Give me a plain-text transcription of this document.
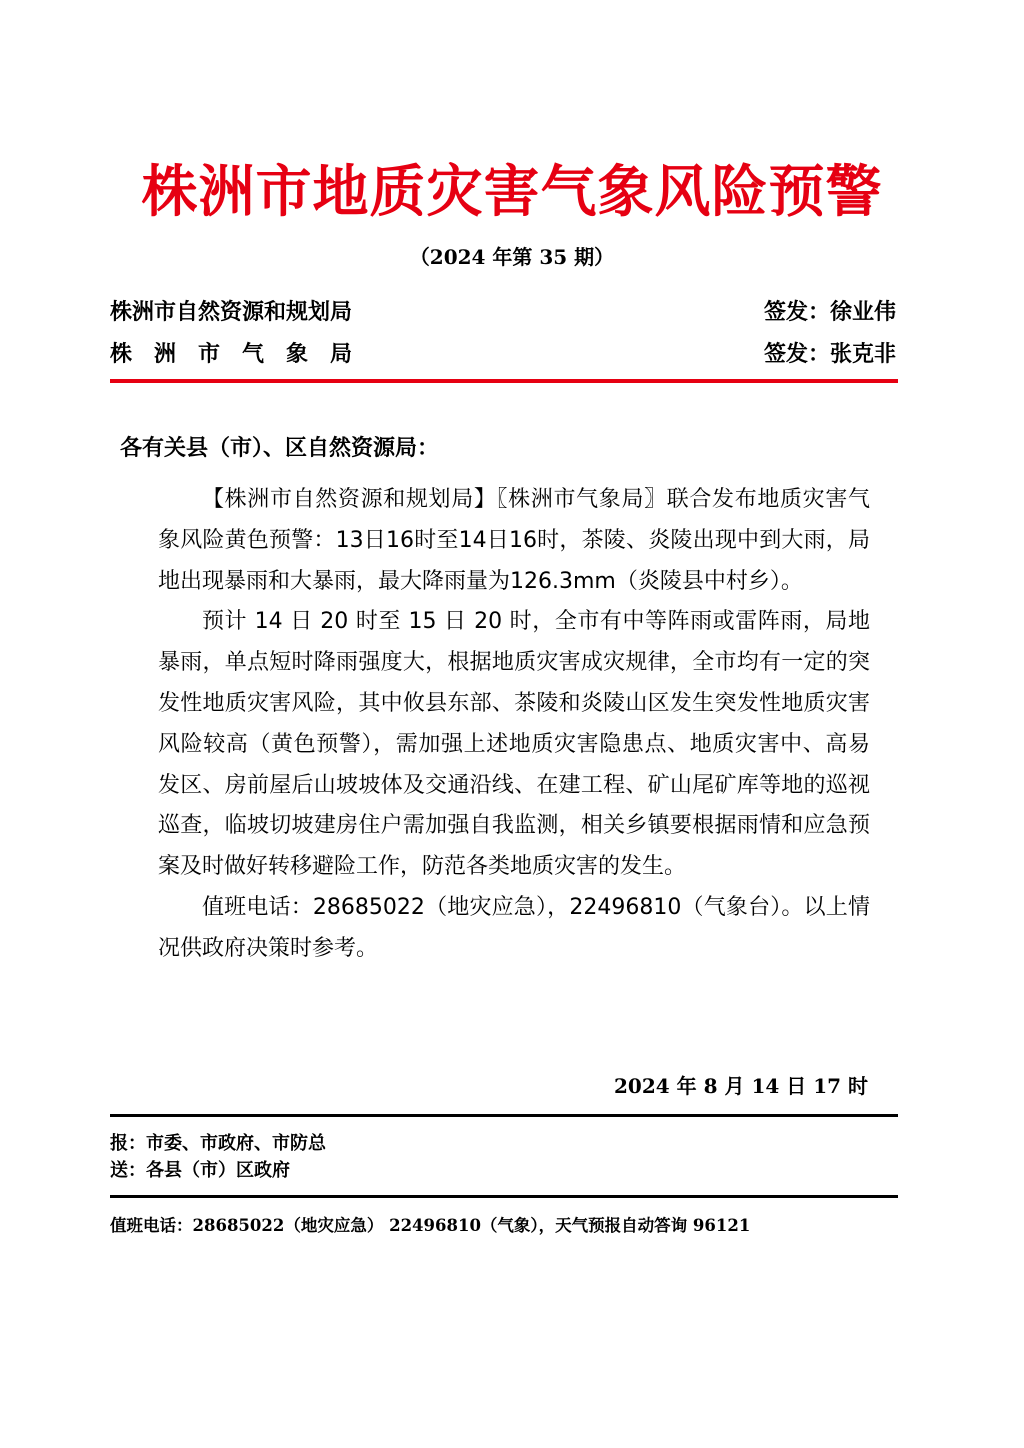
株洲市地质灾害气象风险预警
（2024 年第 35 期）
株洲市自然资源和规划局	签发：徐业伟
株洲市气象局	签发：张克非
各有关县（市）、区自然资源局：

【株洲市自然资源和规划局】〖株洲市气象局〗联合发布地质灾害气象风险黄色预警：13日16时至14日16时，茶陵、炎陵出现中到大雨，局地出现暴雨和大暴雨，最大降雨量为126.3mm（炎陵县中村乡）。

预计 14 日 20 时至 15 日 20 时，全市有中等阵雨或雷阵雨，局地暴雨，单点短时降雨强度大，根据地质灾害成灾规律，全市均有一定的突发性地质灾害风险，其中攸县东部、茶陵和炎陵山区发生突发性地质灾害风险较高（黄色预警），需加强上述地质灾害隐患点、地质灾害中、高易发区、房前屋后山坡坡体及交通沿线、在建工程、矿山尾矿库等地的巡视巡查，临坡切坡建房住户需加强自我监测，相关乡镇要根据雨情和应急预案及时做好转移避险工作，防范各类地质灾害的发生。

值班电话：28685022（地灾应急），22496810（气象台）。以上情况供政府决策时参考。

2024 年 8 月 14 日 17 时
报：市委、市政府、市防总
送：各县（市）区政府
值班电话：28685022（地灾应急） 22496810（气象），天气预报自动答询 96121
